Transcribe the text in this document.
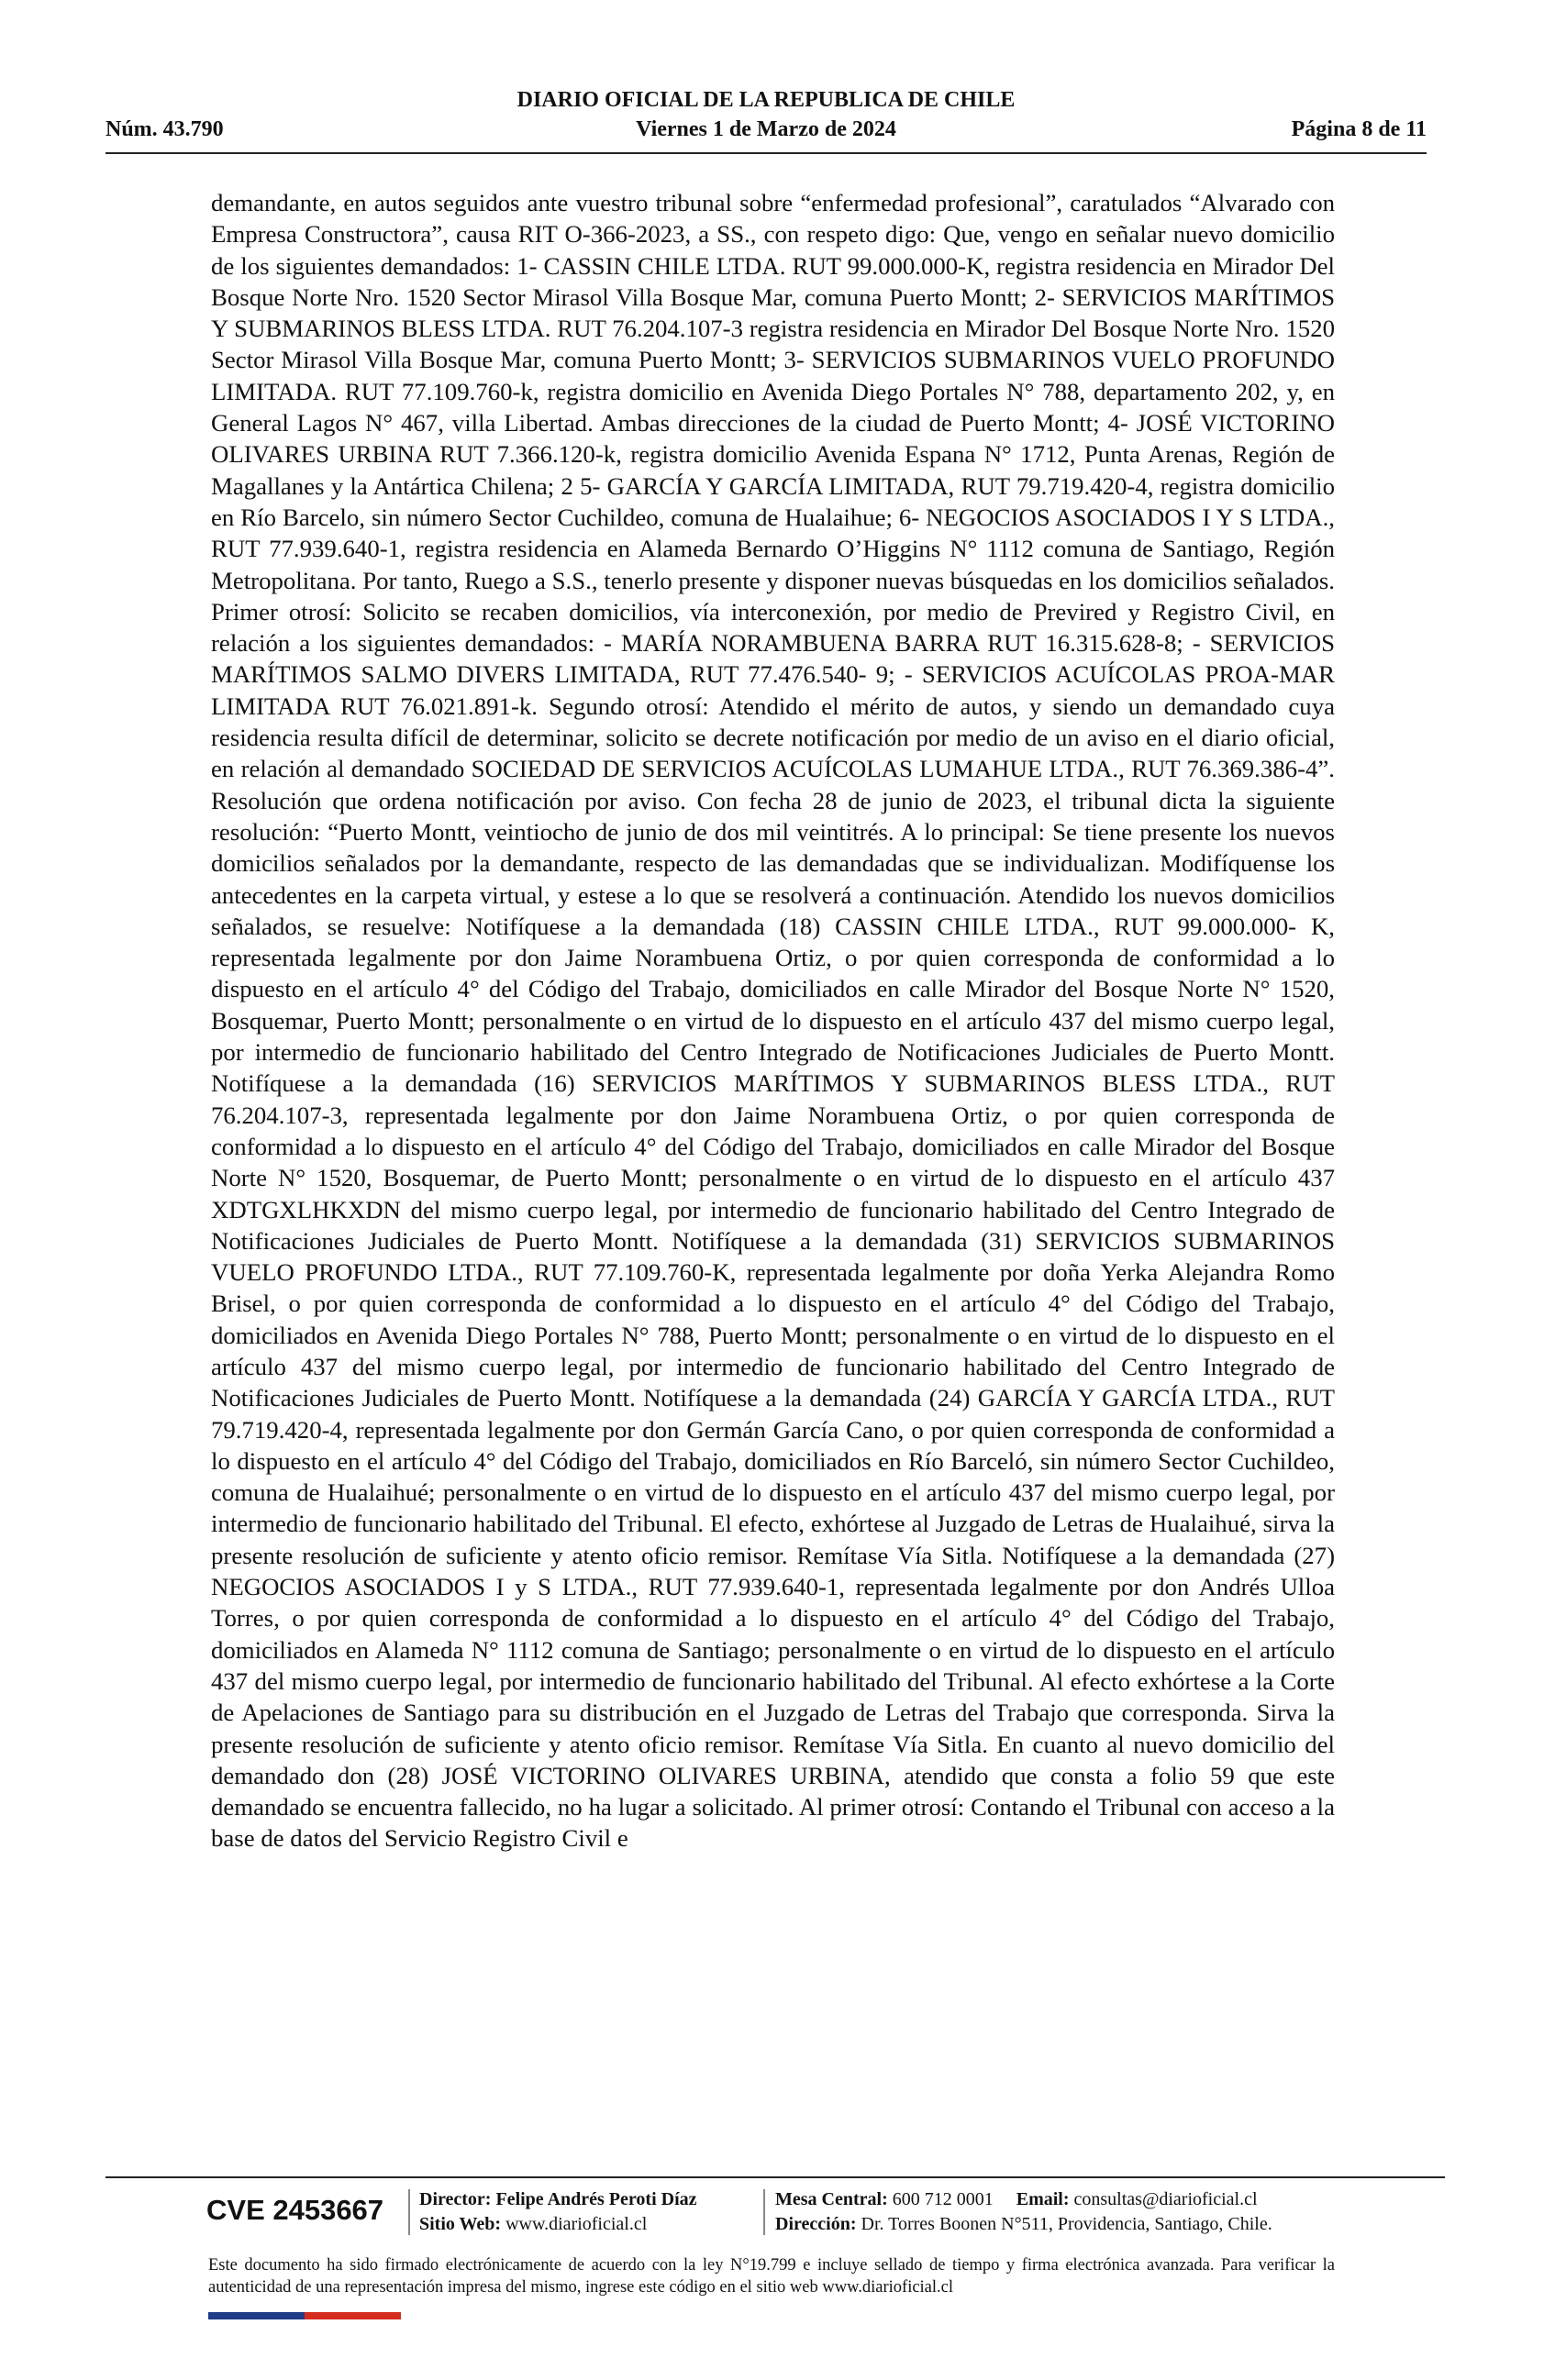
DIARIO OFICIAL DE LA REPUBLICA DE CHILE
Núm. 43.790	Viernes 1 de Marzo de 2024	Página 8 de 11

demandante, en autos seguidos ante vuestro tribunal sobre “enfermedad profesional”, caratulados “Alvarado con Empresa Constructora”, causa RIT O-366-2023, a SS., con respeto digo: Que, vengo en señalar nuevo domicilio de los siguientes demandados: 1- CASSIN CHILE LTDA. RUT 99.000.000-K, registra residencia en Mirador Del Bosque Norte Nro. 1520 Sector Mirasol Villa Bosque Mar, comuna Puerto Montt; 2- SERVICIOS MARÍTIMOS Y SUBMARINOS BLESS LTDA. RUT 76.204.107-3 registra residencia en Mirador Del Bosque Norte Nro. 1520 Sector Mirasol Villa Bosque Mar, comuna Puerto Montt; 3- SERVICIOS SUBMARINOS VUELO PROFUNDO LIMITADA. RUT 77.109.760-k, registra domicilio en Avenida Diego Portales N° 788, departamento 202, y, en General Lagos N° 467, villa Libertad. Ambas direcciones de la ciudad de Puerto Montt; 4- JOSÉ VICTORINO OLIVARES URBINA RUT 7.366.120-k, registra domicilio Avenida Espana N° 1712, Punta Arenas, Región de Magallanes y la Antártica Chilena; 2 5- GARCÍA Y GARCÍA LIMITADA, RUT 79.719.420-4, registra domicilio en Río Barcelo, sin número Sector Cuchildeo, comuna de Hualaihue; 6- NEGOCIOS ASOCIADOS I Y S LTDA., RUT 77.939.640-1, registra residencia en Alameda Bernardo O’Higgins N° 1112 comuna de Santiago, Región Metropolitana. Por tanto, Ruego a S.S., tenerlo presente y disponer nuevas búsquedas en los domicilios señalados. Primer otrosí: Solicito se recaben domicilios, vía interconexión, por medio de Previred y Registro Civil, en relación a los siguientes demandados: - MARÍA NORAMBUENA BARRA RUT 16.315.628-8; - SERVICIOS MARÍTIMOS SALMO DIVERS LIMITADA, RUT 77.476.540- 9; - SERVICIOS ACUÍCOLAS PROA-MAR LIMITADA RUT 76.021.891-k. Segundo otrosí: Atendido el mérito de autos, y siendo un demandado cuya residencia resulta difícil de determinar, solicito se decrete notificación por medio de un aviso en el diario oficial, en relación al demandado SOCIEDAD DE SERVICIOS ACUÍCOLAS LUMAHUE LTDA., RUT 76.369.386-4”. Resolución que ordena notificación por aviso. Con fecha 28 de junio de 2023, el tribunal dicta la siguiente resolución: “Puerto Montt, veintiocho de junio de dos mil veintitrés. A lo principal: Se tiene presente los nuevos domicilios señalados por la demandante, respecto de las demandadas que se individualizan. Modifíquense los antecedentes en la carpeta virtual, y estese a lo que se resolverá a continuación. Atendido los nuevos domicilios señalados, se resuelve: Notifíquese a la demandada (18) CASSIN CHILE LTDA., RUT 99.000.000- K, representada legalmente por don Jaime Norambuena Ortiz, o por quien corresponda de conformidad a lo dispuesto en el artículo 4° del Código del Trabajo, domiciliados en calle Mirador del Bosque Norte N° 1520, Bosquemar, Puerto Montt; personalmente o en virtud de lo dispuesto en el artículo 437 del mismo cuerpo legal, por intermedio de funcionario habilitado del Centro Integrado de Notificaciones Judiciales de Puerto Montt. Notifíquese a la demandada (16) SERVICIOS MARÍTIMOS Y SUBMARINOS BLESS LTDA., RUT 76.204.107-3, representada legalmente por don Jaime Norambuena Ortiz, o por quien corresponda de conformidad a lo dispuesto en el artículo 4° del Código del Trabajo, domiciliados en calle Mirador del Bosque Norte N° 1520, Bosquemar, de Puerto Montt; personalmente o en virtud de lo dispuesto en el artículo 437 XDTGXLHKXDN del mismo cuerpo legal, por intermedio de funcionario habilitado del Centro Integrado de Notificaciones Judiciales de Puerto Montt. Notifíquese a la demandada (31) SERVICIOS SUBMARINOS VUELO PROFUNDO LTDA., RUT 77.109.760-K, representada legalmente por doña Yerka Alejandra Romo Brisel, o por quien corresponda de conformidad a lo dispuesto en el artículo 4° del Código del Trabajo, domiciliados en Avenida Diego Portales N° 788, Puerto Montt; personalmente o en virtud de lo dispuesto en el artículo 437 del mismo cuerpo legal, por intermedio de funcionario habilitado del Centro Integrado de Notificaciones Judiciales de Puerto Montt. Notifíquese a la demandada (24) GARCÍA Y GARCÍA LTDA., RUT 79.719.420-4, representada legalmente por don Germán García Cano, o por quien corresponda de conformidad a lo dispuesto en el artículo 4° del Código del Trabajo, domiciliados en Río Barceló, sin número Sector Cuchildeo, comuna de Hualaihué; personalmente o en virtud de lo dispuesto en el artículo 437 del mismo cuerpo legal, por intermedio de funcionario habilitado del Tribunal. El efecto, exhórtese al Juzgado de Letras de Hualaihué, sirva la presente resolución de suficiente y atento oficio remisor. Remítase Vía Sitla. Notifíquese a la demandada (27) NEGOCIOS ASOCIADOS I y S LTDA., RUT 77.939.640-1, representada legalmente por don Andrés Ulloa Torres, o por quien corresponda de conformidad a lo dispuesto en el artículo 4° del Código del Trabajo, domiciliados en Alameda N° 1112 comuna de Santiago; personalmente o en virtud de lo dispuesto en el artículo 437 del mismo cuerpo legal, por intermedio de funcionario habilitado del Tribunal. Al efecto exhórtese a la Corte de Apelaciones de Santiago para su distribución en el Juzgado de Letras del Trabajo que corresponda. Sirva la presente resolución de suficiente y atento oficio remisor. Remítase Vía Sitla. En cuanto al nuevo domicilio del demandado don (28) JOSÉ VICTORINO OLIVARES URBINA, atendido que consta a folio 59 que este demandado se encuentra fallecido, no ha lugar a solicitado. Al primer otrosí: Contando el Tribunal con acceso a la base de datos del Servicio Registro Civil e

CVE 2453667 Director: Felipe Andrés Peroti Díaz
Sitio Web: www.diarioficial.cl
Mesa Central: 600 712 0001 Email: consultas@diarioficial.cl
Dirección: Dr. Torres Boonen N°511, Providencia, Santiago, Chile.
Este documento ha sido firmado electrónicamente de acuerdo con la ley N°19.799 e incluye sellado de tiempo y firma electrónica avanzada. Para verificar la autenticidad de una representación impresa del mismo, ingrese este código en el sitio web www.diarioficial.cl
